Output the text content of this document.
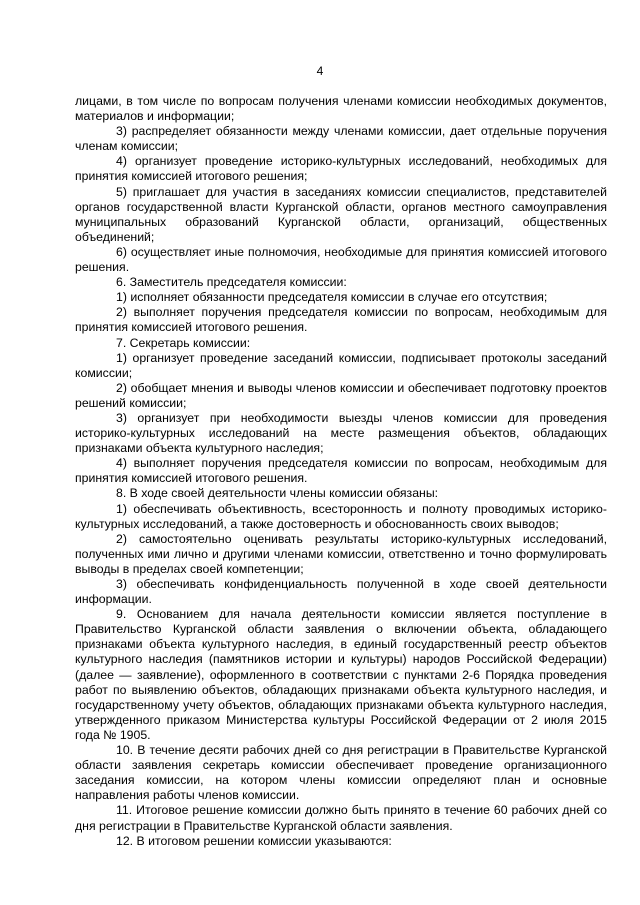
4

лицами, в том числе по вопросам получения членами комиссии необходимых документов, материалов и информации;

3) распределяет обязанности между членами комиссии, дает отдельные поручения членам комиссии;

4) организует проведение историко-культурных исследований, необходимых для принятия комиссией итогового решения;

5) приглашает для участия в заседаниях комиссии специалистов, представителей органов государственной власти Курганской области, органов местного самоуправления муниципальных образований Курганской области, организаций, общественных объединений;

6) осуществляет иные полномочия, необходимые для принятия комиссией итогового решения.

6. Заместитель председателя комиссии:

1) исполняет обязанности председателя комиссии в случае его отсутствия;

2) выполняет поручения председателя комиссии по вопросам, необходимым для принятия комиссией итогового решения.

7. Секретарь комиссии:

1) организует проведение заседаний комиссии, подписывает протоколы заседаний комиссии;

2) обобщает мнения и выводы членов комиссии и обеспечивает подготовку проектов решений комиссии;

3) организует при необходимости выезды членов комиссии для проведения историко-культурных исследований на месте размещения объектов, обладающих признаками объекта культурного наследия;

4) выполняет поручения председателя комиссии по вопросам, необходимым для принятия комиссией итогового решения.

8. В ходе своей деятельности члены комиссии обязаны:

1) обеспечивать объективность, всесторонность и полноту проводимых историко-культурных исследований, а также достоверность и обоснованность своих выводов;

2) самостоятельно оценивать результаты историко-культурных исследований, полученных ими лично и другими членами комиссии, ответственно и точно формулировать выводы в пределах своей компетенции;

3) обеспечивать конфиденциальность полученной в ходе своей деятельности информации.

9. Основанием для начала деятельности комиссии является поступление в Правительство Курганской области заявления о включении объекта, обладающего признаками объекта культурного наследия, в единый государственный реестр объектов культурного наследия (памятников истории и культуры) народов Российской Федерации) (далее — заявление), оформленного в соответствии с пунктами 2-6 Порядка проведения работ по выявлению объектов, обладающих признаками объекта культурного наследия, и государственному учету объектов, обладающих признаками объекта культурного наследия, утвержденного приказом Министерства культуры Российской Федерации от 2 июля 2015 года № 1905.

10. В течение десяти рабочих дней со дня регистрации в Правительстве Курганской области заявления секретарь комиссии обеспечивает проведение организационного заседания комиссии, на котором члены комиссии определяют план и основные направления работы членов комиссии.

11. Итоговое решение комиссии должно быть принято в течение 60 рабочих дней со дня регистрации в Правительстве Курганской области заявления.

12. В итоговом решении комиссии указываются:
